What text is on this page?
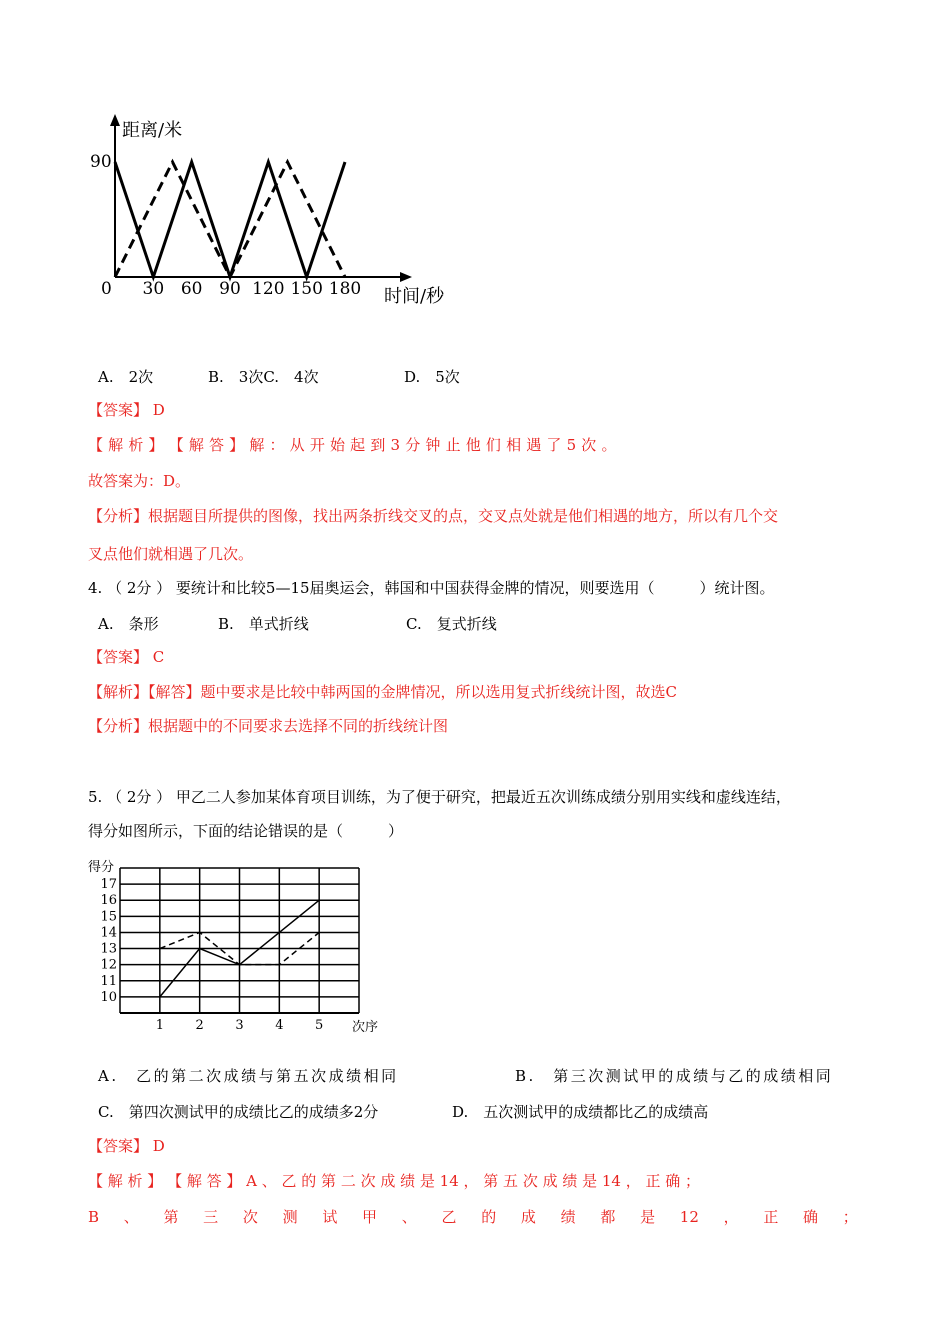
距离/米
时间/秒
90
0 30 60 90 120 150 180
A.　2次	B.　3次C.　4次	D.　5次
【答案】 D
【 解 析 】 【 解 答 】 解 ： 从 开 始 起 到 3 分 钟 止 他 们 相 遇 了 5 次 。
故答案为：D。
【分析】根据题目所提供的图像，找出两条折线交叉的点，交叉点处就是他们相遇的地方，所以有几个交
叉点他们就相遇了几次。
4. （ 2分 ） 要统计和比较5—15届奥运会，韩国和中国获得金牌的情况，则要选用（　　　）统计图。
A.　条形	B.　单式折线	C.　复式折线
【答案】 C
【解析】【解答】题中要求是比较中韩两国的金牌情况，所以选用复式折线统计图，故选C
【分析】根据题中的不同要求去选择不同的折线统计图
5. （ 2分 ） 甲乙二人参加某体育项目训练，为了便于研究，把最近五次训练成绩分别用实线和虚线连结，
得分如图所示，下面的结论错误的是（　　　）
得分
次序
10
11
12
13
14
15
16
17
1 2 3 4 5
A.　乙的第二次成绩与第五次成绩相同	B.　第三次测试甲的成绩与乙的成绩相同
C.　第四次测试甲的成绩比乙的成绩多2分	D.　五次测试甲的成绩都比乙的成绩高
【答案】 D
【 解 析 】 【 解 答 】 A 、 乙 的 第 二 次 成 绩 是 14 ， 第 五 次 成 绩 是 14 ， 正 确 ；
B 、 第 三 次 测 试 甲 、 乙 的 成 绩 都 是 12 ， 正 确 ；
